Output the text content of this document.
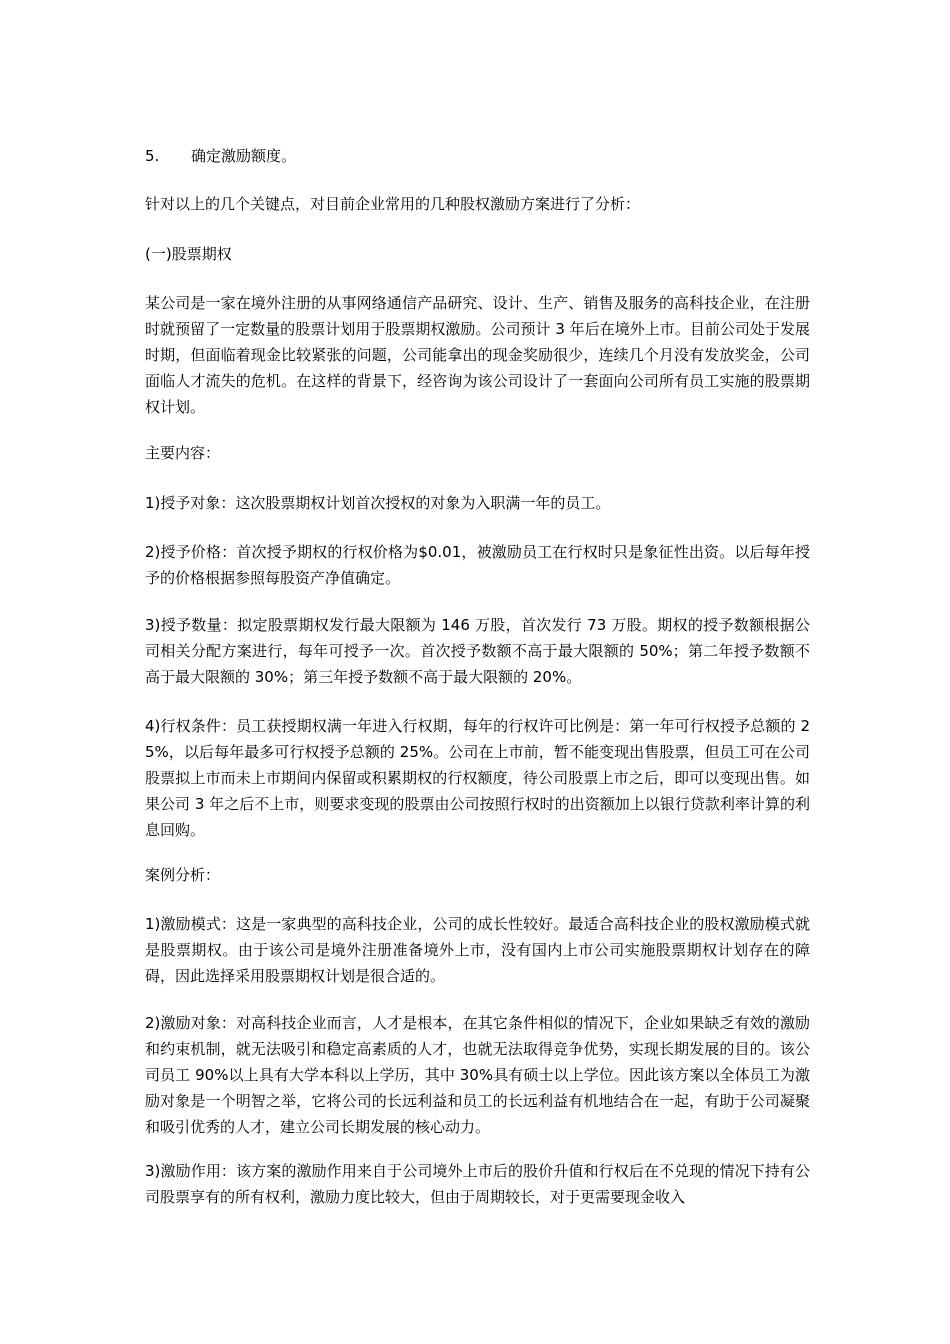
5. 确定激励额度。

针对以上的几个关键点，对目前企业常用的几种股权激励方案进行了分析：

(一)股票期权

某公司是一家在境外注册的从事网络通信产品研究、设计、生产、销售及服务的高科技企业，在注册时就预留了一定数量的股票计划用于股票期权激励。公司预计 3 年后在境外上市。目前公司处于发展时期，但面临着现金比较紧张的问题，公司能拿出的现金奖励很少，连续几个月没有发放奖金，公司面临人才流失的危机。在这样的背景下，经咨询为该公司设计了一套面向公司所有员工实施的股票期权计划。

主要内容：

1)授予对象：这次股票期权计划首次授权的对象为入职满一年的员工。

2)授予价格：首次授予期权的行权价格为$0.01，被激励员工在行权时只是象征性出资。以后每年授予的价格根据参照每股资产净值确定。

3)授予数量：拟定股票期权发行最大限额为 146 万股，首次发行 73 万股。期权的授予数额根据公司相关分配方案进行，每年可授予一次。首次授予数额不高于最大限额的 50%；第二年授予数额不高于最大限额的 30%；第三年授予数额不高于最大限额的 20%。

4)行权条件：员工获授期权满一年进入行权期，每年的行权许可比例是：第一年可行权授予总额的 25%，以后每年最多可行权授予总额的 25%。公司在上市前，暂不能变现出售股票，但员工可在公司股票拟上市而未上市期间内保留或积累期权的行权额度，待公司股票上市之后，即可以变现出售。如果公司 3 年之后不上市，则要求变现的股票由公司按照行权时的出资额加上以银行贷款利率计算的利息回购。

案例分析：

1)激励模式：这是一家典型的高科技企业，公司的成长性较好。最适合高科技企业的股权激励模式就是股票期权。由于该公司是境外注册准备境外上市，没有国内上市公司实施股票期权计划存在的障碍，因此选择采用股票期权计划是很合适的。

2)激励对象：对高科技企业而言，人才是根本，在其它条件相似的情况下，企业如果缺乏有效的激励和约束机制，就无法吸引和稳定高素质的人才，也就无法取得竞争优势，实现长期发展的目的。该公司员工 90%以上具有大学本科以上学历，其中 30%具有硕士以上学位。因此该方案以全体员工为激励对象是一个明智之举，它将公司的长远利益和员工的长远利益有机地结合在一起，有助于公司凝聚和吸引优秀的人才，建立公司长期发展的核心动力。

3)激励作用：该方案的激励作用来自于公司境外上市后的股价升值和行权后在不兑现的情况下持有公司股票享有的所有权利，激励力度比较大，但由于周期较长，对于更需要现金收入
